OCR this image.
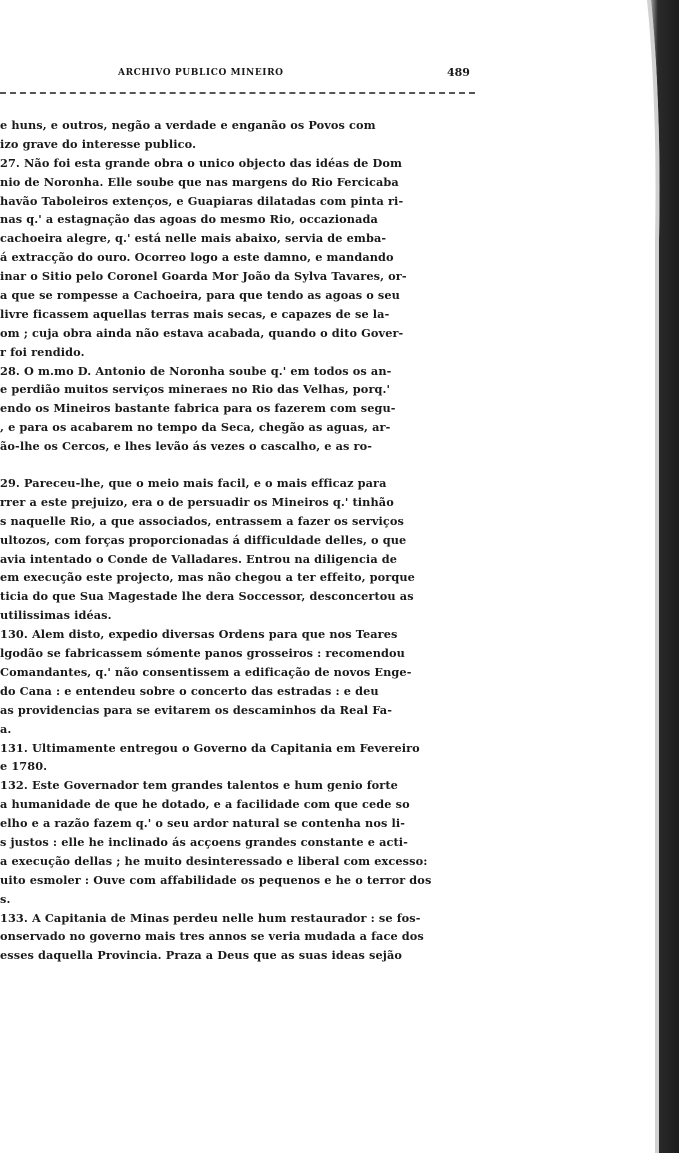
ARCHIVO PUBLICO MINEIRO	489
e huns, e outros, negão a verdade e enganão os Povos com
izo grave do interesse publico.
27. Não foi esta grande obra o unico objecto das idéas de Dom
nio de Noronha. Elle soube que nas margens do Rio Fercicaba
havão Taboleiros extenços, e Guapiaras dilatadas com pinta ri-
nas q.' a estagnação das agoas do mesmo Rio, occazionada
cachoeira alegre, q.' está nelle mais abaixo, servia de emba-
á extracção do ouro. Ocorreo logo a este damno, e mandando
inar o Sitio pelo Coronel Goarda Mor João da Sylva Tavares, or-
a que se rompesse a Cachoeira, para que tendo as agoas o seu
livre ficassem aquellas terras mais secas, e capazes de se la-
om ; cuja obra ainda não estava acabada, quando o dito Gover-
r foi rendido.
28. O m.mo D. Antonio de Noronha soube q.' em todos os an-
e perdião muitos serviços mineraes no Rio das Velhas, porq.'
endo os Mineiros bastante fabrica para os fazerem com segu-
, e para os acabarem no tempo da Seca, chegão as aguas, ar-
ão-lhe os Cercos, e lhes levão ás vezes o cascalho, e as ro-
29. Pareceu-lhe, que o meio mais facil, e o mais efficaz para
rrer a este prejuizo, era o de persuadir os Mineiros q.' tinhão
s naquelle Rio, a que associados, entrassem a fazer os serviços
ultozos, com forças proporcionadas á difficuldade delles, o que
avia intentado o Conde de Valladares. Entrou na diligencia de
em execução este projecto, mas não chegou a ter effeito, porque
ticia do que Sua Magestade lhe dera Soccessor, desconcertou as
utilissimas idéas.
130. Alem disto, expedio diversas Ordens para que nos Teares
lgodão se fabricassem sómente panos grosseiros : recomendou
Comandantes, q.' não consentissem a edificação de novos Enge-
do Cana : e entendeu sobre o concerto das estradas : e deu
as providencias para se evitarem os descaminhos da Real Fa-
a.
131. Ultimamente entregou o Governo da Capitania em Fevereiro
e 1780.
132. Este Governador tem grandes talentos e hum genio forte
a humanidade de que he dotado, e a facilidade com que cede so
elho e a razão fazem q.' o seu ardor natural se contenha nos li-
s justos : elle he inclinado ás acçoens grandes constante e acti-
a execução dellas ; he muito desinteressado e liberal com excesso:
uito esmoler : Ouve com affabilidade os pequenos e he o terror dos
s.
133. A Capitania de Minas perdeu nelle hum restaurador : se fos-
onservado no governo mais tres annos se veria mudada a face dos
esses daquella Provincia. Praza a Deus que as suas ideas sejão
